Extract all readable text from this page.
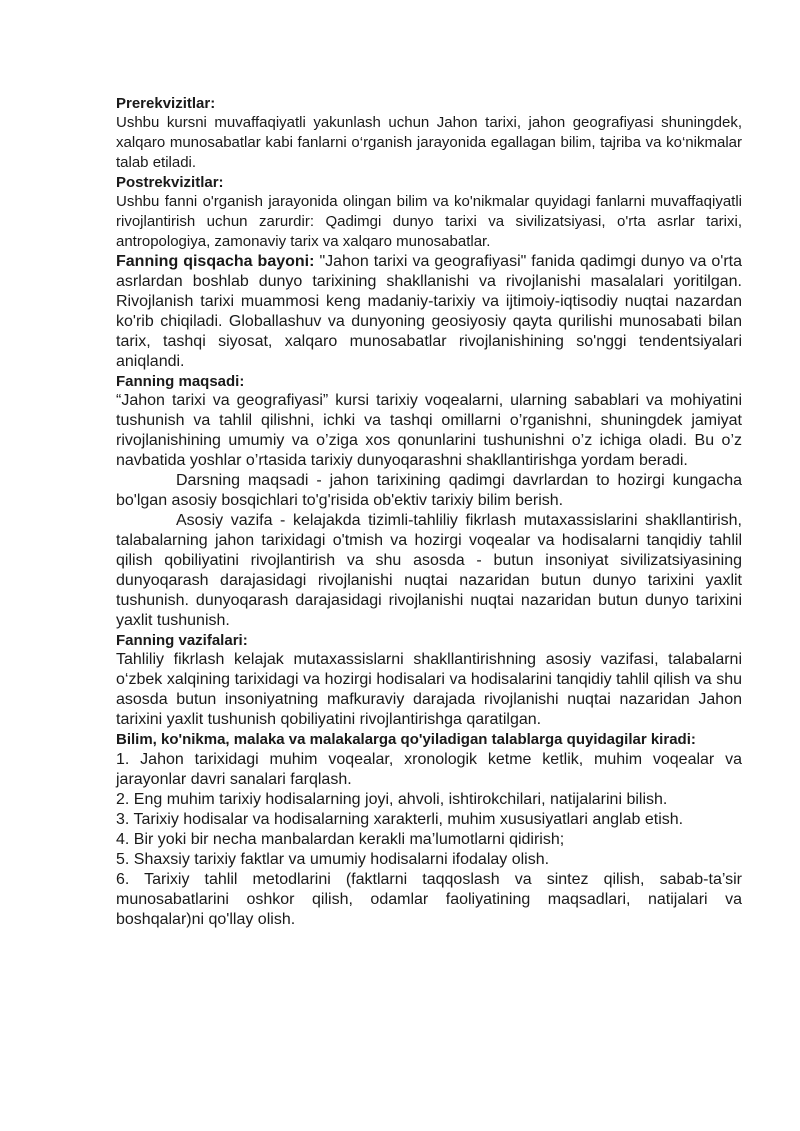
Prerekvizitlar:

Ushbu kursni muvaffaqiyatli yakunlash uchun Jahon tarixi, jahon geografiyasi shuningdek, xalqaro munosabatlar kabi fanlarni o‘rganish jarayonida egallagan bilim, tajriba va ko‘nikmalar talab etiladi.

Postrekvizitlar:

Ushbu fanni o'rganish jarayonida olingan bilim va ko'nikmalar quyidagi fanlarni muvaffaqiyatli rivojlantirish uchun zarurdir: Qadimgi dunyo tarixi va sivilizatsiyasi, o'rta asrlar tarixi, antropologiya, zamonaviy tarix va xalqaro munosabatlar.

Fanning qisqacha bayoni: "Jahon tarixi va geografiyasi" fanida qadimgi dunyo va o'rta asrlardan boshlab dunyo tarixining shakllanishi va rivojlanishi masalalari yoritilgan. Rivojlanish tarixi muammosi keng madaniy-tarixiy va ijtimoiy-iqtisodiy nuqtai nazardan ko'rib chiqiladi. Globallashuv va dunyoning geosiyosiy qayta qurilishi munosabati bilan tarix, tashqi siyosat, xalqaro munosabatlar rivojlanishining so'nggi tendentsiyalari aniqlandi.

Fanning maqsadi:

“Jahon tarixi va geografiyasi” kursi tarixiy voqealarni, ularning sabablari va mohiyatini tushunish va tahlil qilishni, ichki va tashqi omillarni o’rganishni, shuningdek jamiyat rivojlanishining umumiy va o’ziga xos qonunlarini tushunishni o’z ichiga oladi. Bu o’z navbatida yoshlar o’rtasida tarixiy dunyoqarashni shakllantirishga yordam beradi.

Darsning maqsadi - jahon tarixining qadimgi davrlardan to hozirgi kungacha bo'lgan asosiy bosqichlari to'g'risida ob'ektiv tarixiy bilim berish.

Asosiy vazifa - kelajakda tizimli-tahliliy fikrlash mutaxassislarini shakllantirish, talabalarning jahon tarixidagi o'tmish va hozirgi voqealar va hodisalarni tanqidiy tahlil qilish qobiliyatini rivojlantirish va shu asosda - butun insoniyat sivilizatsiyasining dunyoqarash darajasidagi rivojlanishi nuqtai nazaridan butun dunyo tarixini yaxlit tushunish. dunyoqarash darajasidagi rivojlanishi nuqtai nazaridan butun dunyo tarixini yaxlit tushunish.

Fanning vazifalari:

Tahliliy fikrlash kelajak mutaxassislarni shakllantirishning asosiy vazifasi, talabalarni o‘zbek xalqining tarixidagi va hozirgi hodisalari va hodisalarini tanqidiy tahlil qilish va shu asosda butun insoniyatning mafkuraviy darajada rivojlanishi nuqtai nazaridan Jahon tarixini yaxlit tushunish qobiliyatini rivojlantirishga qaratilgan.

Bilim, ko'nikma, malaka va malakalarga qo'yiladigan talablarga quyidagilar kiradi:

1. Jahon tarixidagi muhim voqealar, xronologik ketme ketlik, muhim voqealar va jarayonlar davri sanalari farqlash.

2. Eng muhim tarixiy hodisalarning joyi, ahvoli, ishtirokchilari, natijalarini bilish.

3. Tarixiy hodisalar va hodisalarning xarakterli, muhim xususiyatlari anglab etish.

4. Bir yoki bir necha manbalardan kerakli ma’lumotlarni qidirish;

5. Shaxsiy tarixiy faktlar va umumiy hodisalarni ifodalay olish.

6. Tarixiy tahlil metodlarini (faktlarni taqqoslash va sintez qilish, sabab-ta’sir munosabatlarini oshkor qilish, odamlar faoliyatining maqsadlari, natijalari va boshqalar)ni qo'llay olish.
